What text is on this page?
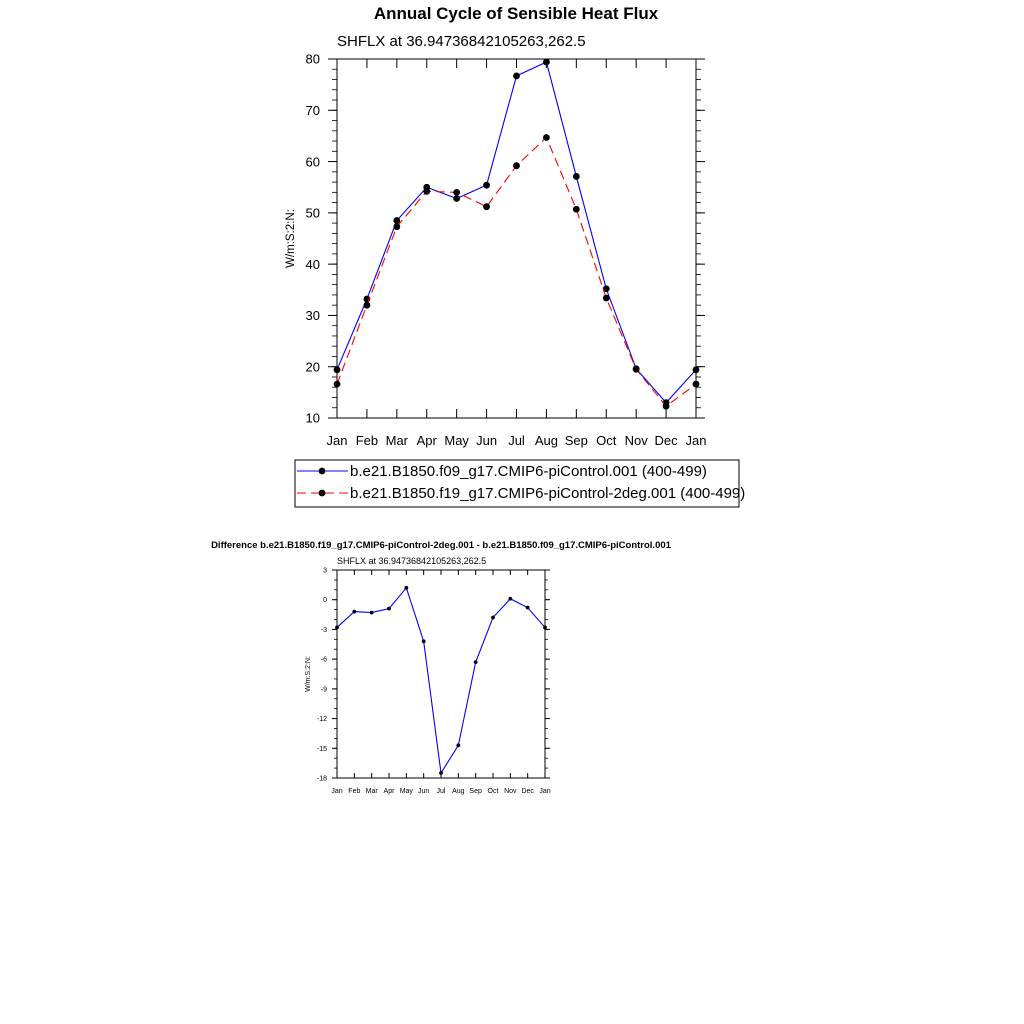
Annual Cycle of Sensible Heat Flux
SHFLX at 36.94736842105263,262.5
Jan Feb Mar Apr May Jun Jul Aug Sep Oct Nov Dec Jan
10
20
30
40
50
60
70
80
W/m:S:2:N:
b.e21.B1850.f09_g17.CMIP6-piControl.001 (400-499)
b.e21.B1850.f19_g17.CMIP6-piControl-2deg.001 (400-499)
Difference b.e21.B1850.f19_g17.CMIP6-piControl-2deg.001 - b.e21.B1850.f09_g17.CMIP6-piControl.001
SHFLX at 36.94736842105263,262.5
Jan Feb Mar Apr May Jun Jul Aug Sep Oct Nov Dec Jan
3
0
-3
-6
-9
-12
-15
-18
W/m:S:2:N:
